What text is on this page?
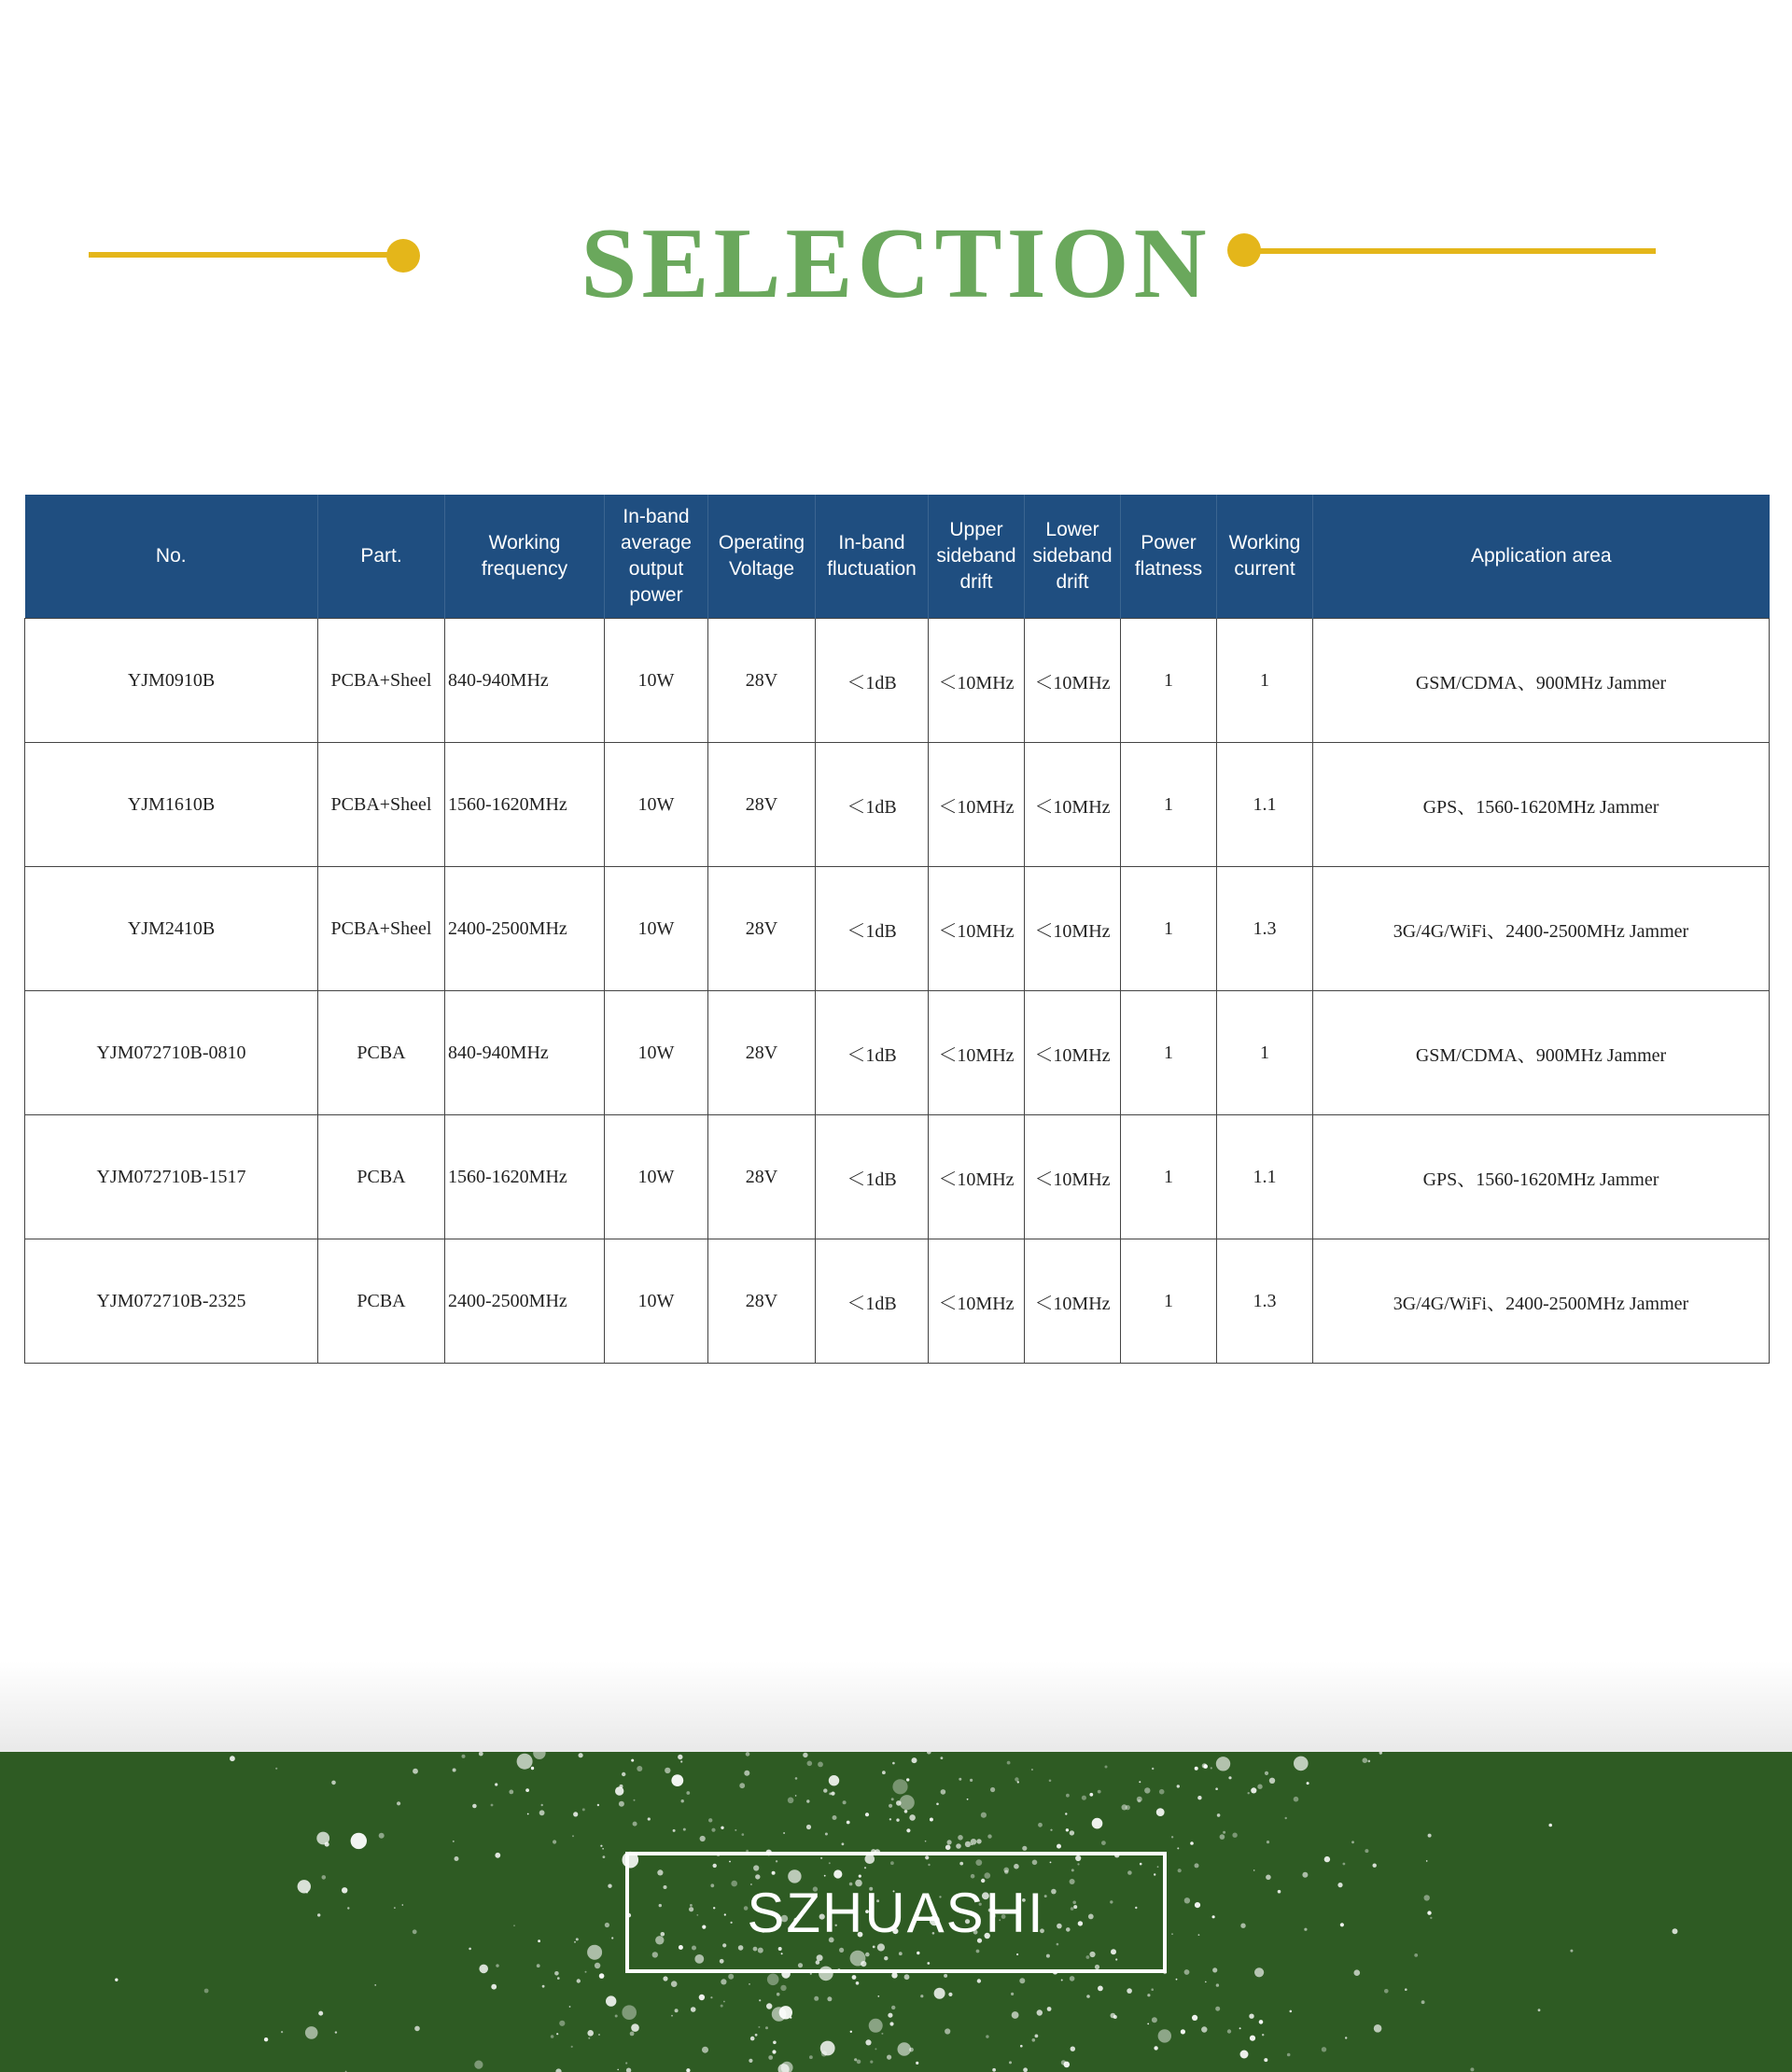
SELECTION
No.	Part.	Working frequency	In-band average output power	Operating Voltage	In-band fluctuation	Upper sideband drift	Lower sideband drift	Power flatness	Working current	Application area
YJM0910B	PCBA+Sheel	840-940MHz	10W	28V	＜1dB	＜10MHz	＜10MHz	1	1	GSM/CDMA、900MHz Jammer
YJM1610B	PCBA+Sheel	1560-1620MHz	10W	28V	＜1dB	＜10MHz	＜10MHz	1	1.1	GPS、1560-1620MHz Jammer
YJM2410B	PCBA+Sheel	2400-2500MHz	10W	28V	＜1dB	＜10MHz	＜10MHz	1	1.3	3G/4G/WiFi、2400-2500MHz Jammer
YJM072710B-0810	PCBA	840-940MHz	10W	28V	＜1dB	＜10MHz	＜10MHz	1	1	GSM/CDMA、900MHz Jammer
YJM072710B-1517	PCBA	1560-1620MHz	10W	28V	＜1dB	＜10MHz	＜10MHz	1	1.1	GPS、1560-1620MHz Jammer
YJM072710B-2325	PCBA	2400-2500MHz	10W	28V	＜1dB	＜10MHz	＜10MHz	1	1.3	3G/4G/WiFi、2400-2500MHz Jammer
SZHUASHI
